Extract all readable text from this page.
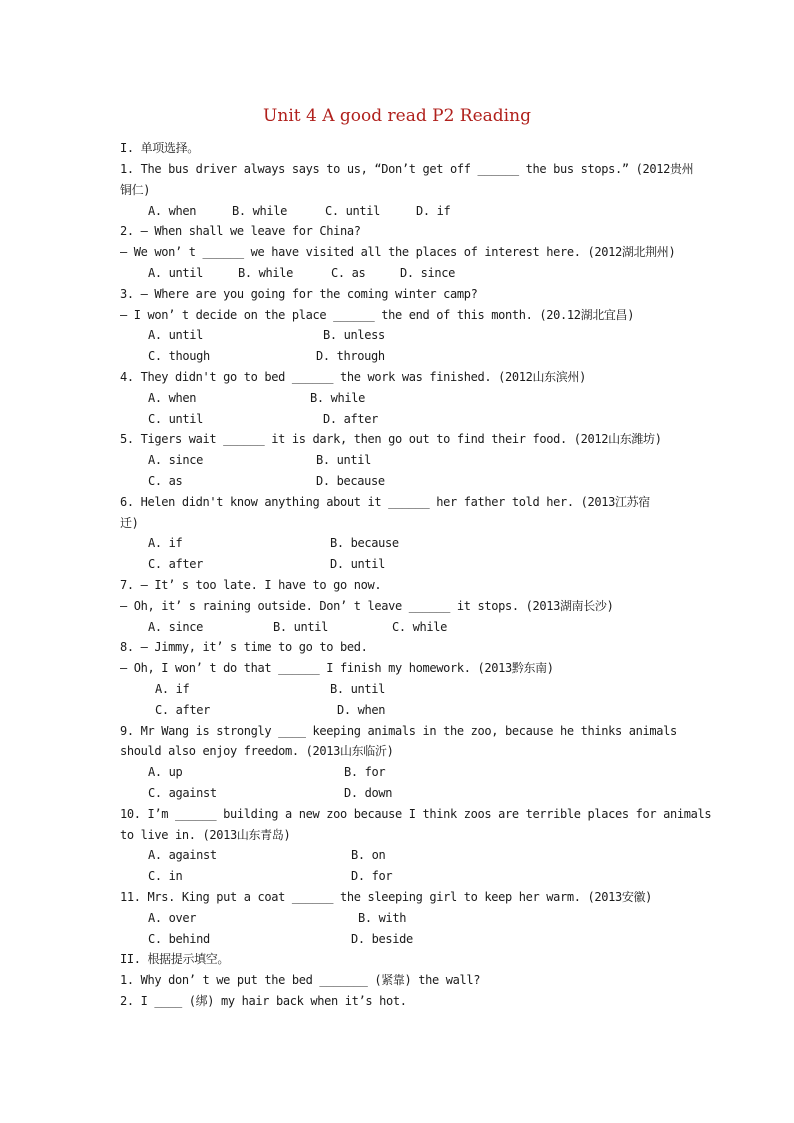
Unit 4 A good read P2 Reading
I. 单项选择。
1. The bus driver always says to us, “Don’t get off ______ the bus stops.” (2012贵州
铜仁)
A. when	B. while	C. until	D. if
2. — When shall we leave for China?
— We won’ t ______ we have visited all the places of interest here. (2012湖北荆州)
A. until	B. while	C. as	D. since
3. — Where are you going for the coming winter camp?
— I won’ t decide on the place ______ the end of this month. (20.12湖北宜昌)
A. until	B. unless
C. though	D. through
4. They didn't go to bed ______ the work was finished. (2012山东滨州)
A. when	B. while
C. until	D. after
5. Tigers wait ______ it is dark, then go out to find their food. (2012山东潍坊)
A. since	B. until
C. as	D. because
6. Helen didn't know anything about it ______ her father told her. (2013江苏宿
迁)
A. if	B. because
C. after	D. until
7. — It’ s too late. I have to go now.
— Oh, it’ s raining outside. Don’ t leave ______ it stops. (2013湖南长沙)
A. since	B. until	C. while
8. — Jimmy, it’ s time to go to bed.
— Oh, I won’ t do that ______ I finish my homework. (2013黔东南)
A. if	B. until
C. after	D. when
9. Mr Wang is strongly ____ keeping animals in the zoo, because he thinks animals
should also enjoy freedom. (2013山东临沂)
A. up	B. for
C. against	D. down
10. I’m ______ building a new zoo because I think zoos are terrible places for animals
to live in. (2013山东青岛)
A. against	B. on
C. in	D. for
11. Mrs. King put a coat ______ the sleeping girl to keep her warm. (2013安徽)
A. over	B. with
C. behind	D. beside
II. 根据提示填空。
1. Why don’ t we put the bed _______ (紧靠) the wall?
2. I ____ (绑) my hair back when it’s hot.
